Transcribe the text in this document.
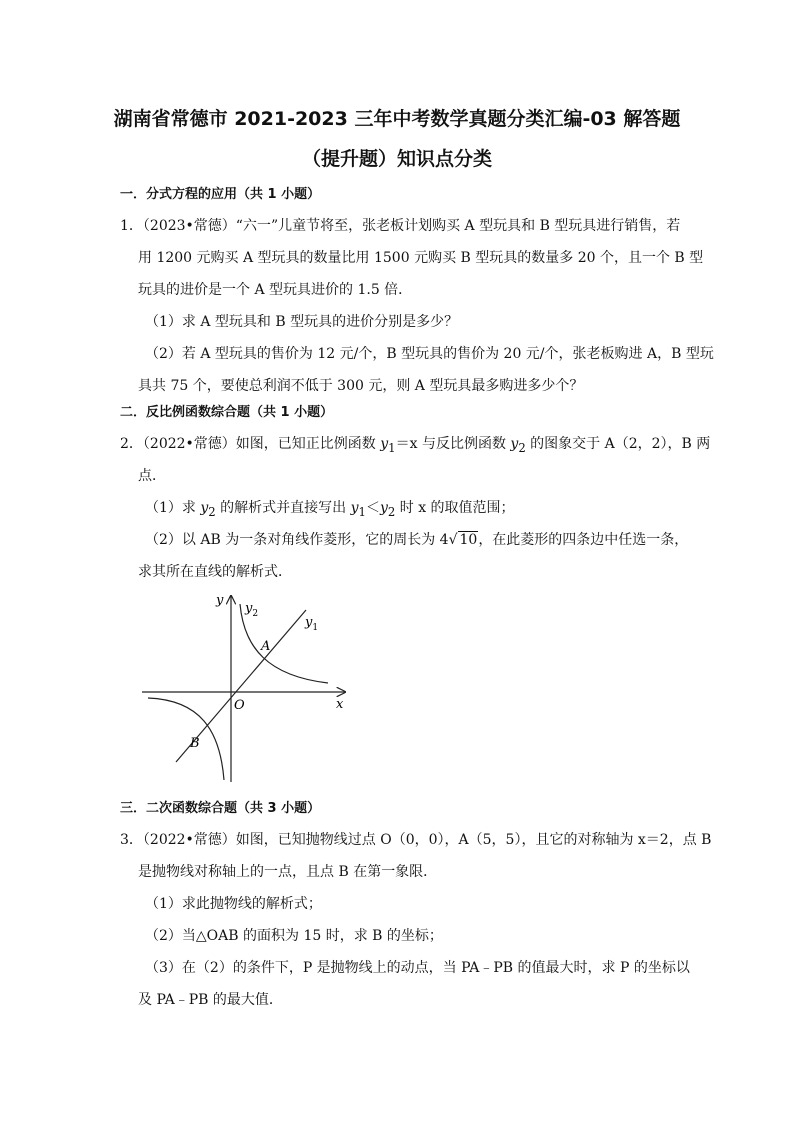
湖南省常德市 2021-2023 三年中考数学真题分类汇编-03 解答题
（提升题）知识点分类
一．分式方程的应用（共 1 小题）
1．（2023•常德）“六一”儿童节将至，张老板计划购买 A 型玩具和 B 型玩具进行销售，若
用 1200 元购买 A 型玩具的数量比用 1500 元购买 B 型玩具的数量多 20 个，且一个 B 型
玩具的进价是一个 A 型玩具进价的 1.5 倍．
（1）求 A 型玩具和 B 型玩具的进价分别是多少？
（2）若 A 型玩具的售价为 12 元/个，B 型玩具的售价为 20 元/个，张老板购进 A，B 型玩
具共 75 个，要使总利润不低于 300 元，则 A 型玩具最多购进多少个？
二．反比例函数综合题（共 1 小题）
2．（2022•常德）如图，已知正比例函数 $y_1=x$ 与反比例函数 $y_2$ 的图象交于 A（2，2），B 两
点．
（1）求 $y_2$ 的解析式并直接写出 $y_1<y_2$ 时 x 的取值范围；
（2）以 AB 为一条对角线作菱形，它的周长为 4√ 10，在此菱形的四条边中任选一条，
求其所在直线的解析式．
y
x
O
A
B
$y_1$
$y_2$
三．二次函数综合题（共 3 小题）
3．（2022•常德）如图，已知抛物线过点 O（0，0），A（5，5），且它的对称轴为 x＝2，点 B
是抛物线对称轴上的一点，且点 B 在第一象限．
（1）求此抛物线的解析式；
（2）当△OAB 的面积为 15 时，求 B 的坐标；
（3）在（2）的条件下，P 是抛物线上的动点，当 PA﹣PB 的值最大时，求 P 的坐标以
及 PA﹣PB 的最大值．
